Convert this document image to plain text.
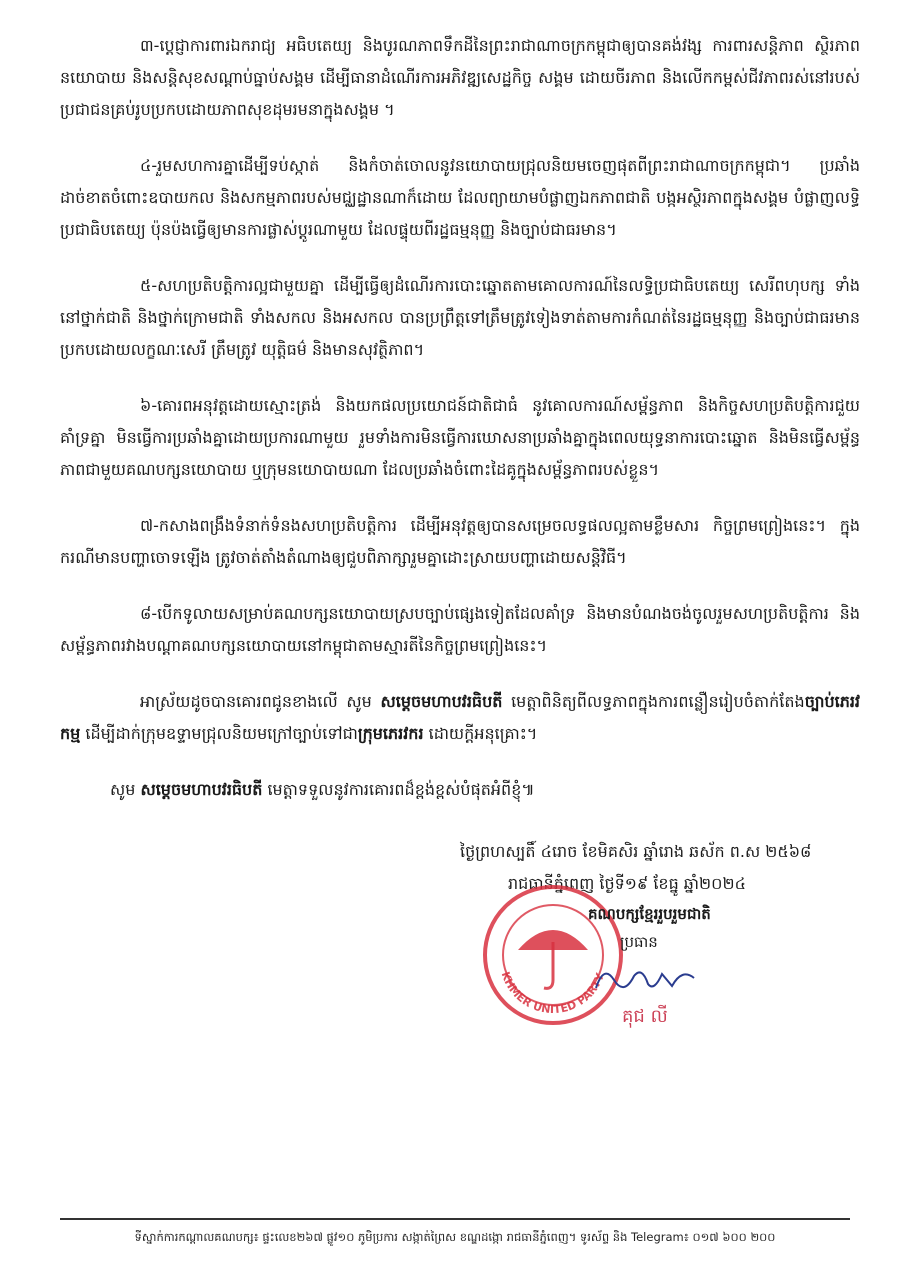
៣-ប្តេជ្ញាការពារឯករាជ្យ អធិបតេយ្យ និងបូរណភាពទឹកដីនៃព្រះរាជាណាចក្រកម្ពុជាឲ្យបានគង់វង្ស ការពារសន្តិភាព ស្ថិរភាពនយោបាយ និងសន្តិសុខសណ្តាប់ធ្នាប់សង្គម ដើម្បីធានាដំណើរការអភិវឌ្ឍសេដ្ឋកិច្ច សង្គម ដោយចីរភាព និងលើកកម្ពស់ជីវភាពរស់នៅរបស់ប្រជាជនគ្រប់រូបប្រកបដោយភាពសុខដុមរមនាក្នុងសង្គម ។

៤-រួមសហការគ្នាដើម្បីទប់ស្កាត់ និងកំចាត់ចោលនូវនយោបាយជ្រុលនិយមចេញផុតពីព្រះរាជាណាចក្រកម្ពុជា។ ប្រឆាំងដាច់ខាតចំពោះឧបាយកល និងសកម្មភាពរបស់មជ្ឈដ្ឋានណាក៏ដោយ ដែលព្យាយាមបំផ្លាញឯកភាពជាតិ បង្កអស្ថិរភាពក្នុងសង្គម បំផ្លាញលទ្ធិប្រជាធិបតេយ្យ ប៉ុនប៉ងធ្វើឲ្យមានការផ្លាស់ប្តូរណាមួយ ដែលផ្ទុយពីរដ្ឋធម្មនុញ្ញ និងច្បាប់ជាធរមាន។

៥-សហប្រតិបត្តិការល្អជាមួយគ្នា ដើម្បីធ្វើឲ្យដំណើរការបោះឆ្នោតតាមគោលការណ៍នៃលទ្ធិប្រជាធិបតេយ្យ សេរីពហុបក្ស ទាំងនៅថ្នាក់ជាតិ និងថ្នាក់ក្រោមជាតិ ទាំងសកល និងអសកល បានប្រព្រឹត្តទៅត្រឹមត្រូវទៀងទាត់តាមការកំណត់នៃរដ្ឋធម្មនុញ្ញ និងច្បាប់ជាធរមាន ប្រកបដោយលក្ខណៈសេរី ត្រឹមត្រូវ យុត្តិធម៌ និងមានសុវត្ថិភាព។

៦-គោរពអនុវត្តដោយស្មោះត្រង់ និងយកផលប្រយោជន៍ជាតិជាធំ នូវគោលការណ៍សម្ព័ន្ធភាព និងកិច្ចសហប្រតិបត្តិការជួយគាំទ្រគ្នា មិនធ្វើការប្រឆាំងគ្នាដោយប្រការណាមួយ រួមទាំងការមិនធ្វើការឃោសនាប្រឆាំងគ្នាក្នុងពេលយុទ្ធនាការបោះឆ្នោត និងមិនធ្វើសម្ព័ន្ធភាពជាមួយគណបក្សនយោបាយ ឬក្រុមនយោបាយណា ដែលប្រឆាំងចំពោះដៃគូក្នុងសម្ព័ន្ធភាពរបស់ខ្លួន។

៧-កសាងពង្រឹងទំនាក់ទំនងសហប្រតិបត្តិការ ដើម្បីអនុវត្តឲ្យបានសម្រេចលទ្ធផលល្អតាមខ្លឹមសារ កិច្ចព្រមព្រៀងនេះ។ ក្នុងករណីមានបញ្ហាចោទឡើង ត្រូវចាត់តាំងតំណាងឲ្យជួបពិភាក្សារួមគ្នាដោះស្រាយបញ្ហាដោយសន្តិវិធី។

៨-បើកទូលាយសម្រាប់គណបក្សនយោបាយស្របច្បាប់ផ្សេងទៀតដែលគាំទ្រ និងមានបំណងចង់ចូលរួមសហប្រតិបត្តិការ និងសម្ព័ន្ធភាពរវាងបណ្តាគណបក្សនយោបាយនៅកម្ពុជាតាមស្មារតីនៃកិច្ចព្រមព្រៀងនេះ។

អាស្រ័យដូចបានគោរពជូនខាងលើ សូម សម្តេចមហាបវរធិបតី មេត្តាពិនិត្យពីលទ្ធភាពក្នុងការពន្លឿនរៀបចំតាក់តែងច្បាប់ភេរវកម្ម ដើម្បីដាក់ក្រុមឧទ្ទាមជ្រុលនិយមក្រៅច្បាប់ទៅជាក្រុមភេរវករ ដោយក្តីអនុគ្រោះ។

សូម សម្តេចមហាបវរធិបតី មេត្តាទទួលនូវការគោរពដ៏ខ្ពង់ខ្ពស់បំផុតអំពីខ្ញុំ៕

ថ្ងៃព្រហស្បតិ៍ ៤រោច ខែមិគសិរ ឆ្នាំរោង ឆស័ក ព.ស ២៥៦៨
រាជធានីភ្នំពេញ ថ្ងៃទី១៩ ខែធ្នូ ឆ្នាំ២០២៤
KHMER UNITED PARTY
គណបក្សខ្មែររួបរួមជាតិ
ប្រធាន
គុជ លី
ទីស្នាក់ការកណ្តាលគណបក្ស៖ ផ្ទះលេខ២៦៧ ផ្លូវ១០ ភូមិប្រការ សង្កាត់ព្រៃស ខណ្ឌដង្កោ រាជធានីភ្នំពេញ។ ទូរស័ព្ទ និង Telegram៖ ០១៧ ៦០០ ២០០
